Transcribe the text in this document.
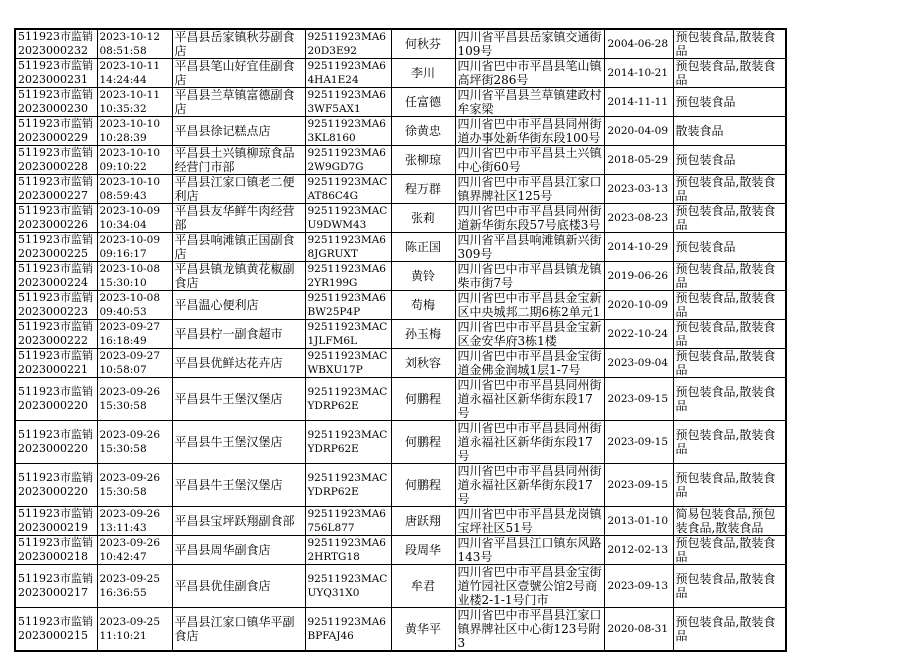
511923市监销2023000232	2023-10-12 08:51:58	平昌县岳家镇秋芬副食店	92511923MA620D3E92	何秋芬	四川省平昌县岳家镇交通街109号	2004-06-28	预包装食品,散装食品
511923市监销2023000231	2023-10-11 14:24:44	平昌县笔山好宜佳副食店	92511923MA64HA1E24	李川	四川省巴中市平昌县笔山镇高坪街286号	2014-10-21	预包装食品,散装食品
511923市监销2023000230	2023-10-11 10:35:32	平昌县兰草镇富德副食店	92511923MA63WF5AX1	任富德	四川省平昌县兰草镇建政村牟家梁	2014-11-11	预包装食品
511923市监销2023000229	2023-10-10 10:28:39	平昌县徐记糕点店	92511923MA63KL8160	徐黄忠	四川省巴中市平昌县同州街道办事处新华街东段100号	2020-04-09	散装食品
511923市监销2023000228	2023-10-10 09:10:22	平昌县土兴镇柳琼食品经营门市部	92511923MA62W9GD7G	张柳琼	四川省巴中市平昌县土兴镇中心街60号	2018-05-29	预包装食品
511923市监销2023000227	2023-10-10 08:59:43	平昌县江家口镇老二便利店	92511923MACAT86C4G	程万群	四川省巴中市平昌县江家口镇界牌社区125号	2023-03-13	预包装食品,散装食品
511923市监销2023000226	2023-10-09 10:34:04	平昌县友华鲜牛肉经营部	92511923MACU9DWM43	张莉	四川省巴中市平昌县同州街道新华街东段57号底楼3号	2023-08-23	预包装食品,散装食品
511923市监销2023000225	2023-10-09 09:16:17	平昌县响滩镇正国副食店	92511923MA68JGRUXT	陈正国	四川省平昌县响滩镇新兴街309号	2014-10-29	预包装食品
511923市监销2023000224	2023-10-08 15:30:10	平昌县镇龙镇黄花椒副食店	92511923MA62YR199G	黄铃	四川省巴中市平昌县镇龙镇柴市街7号	2019-06-26	预包装食品,散装食品
511923市监销2023000223	2023-10-08 09:40:53	平昌温心便利店	92511923MA6BW25P4P	苟梅	四川省巴中市平昌县金宝新区中央城邦二期6栋2单元1	2020-10-09	预包装食品,散装食品
511923市监销2023000222	2023-09-27 16:18:49	平昌县柠一副食超市	92511923MAC1JLFM6L	孙玉梅	四川省巴中市平昌县金宝新区金安华府3栋1楼	2022-10-24	预包装食品,散装食品
511923市监销2023000221	2023-09-27 10:58:07	平昌县优鲜达花卉店	92511923MACWBXU17P	刘秋容	四川省巴中市平昌县金宝街道金佛金润城1层1-7号	2023-09-04	预包装食品,散装食品
511923市监销2023000220	2023-09-26 15:30:58	平昌县牛王堡汉堡店	92511923MACYDRP62E	何鹏程	四川省巴中市平昌县同州街道永福社区新华街东段17号	2023-09-15	预包装食品,散装食品
511923市监销2023000220	2023-09-26 15:30:58	平昌县牛王堡汉堡店	92511923MACYDRP62E	何鹏程	四川省巴中市平昌县同州街道永福社区新华街东段17号	2023-09-15	预包装食品,散装食品
511923市监销2023000220	2023-09-26 15:30:58	平昌县牛王堡汉堡店	92511923MACYDRP62E	何鹏程	四川省巴中市平昌县同州街道永福社区新华街东段17号	2023-09-15	预包装食品,散装食品
511923市监销2023000219	2023-09-26 13:11:43	平昌县宝坪跃翔副食部	92511923MA6756L877	唐跃翔	四川省巴中市平昌县龙岗镇宝坪社区51号	2013-01-10	简易包装食品,预包装食品,散装食品
511923市监销2023000218	2023-09-26 10:42:47	平昌县周华副食店	92511923MA62HRTG18	段周华	四川省平昌县江口镇东风路143号	2012-02-13	预包装食品,散装食品
511923市监销2023000217	2023-09-25 16:36:55	平昌县优佳副食店	92511923MACUYQ31X0	牟君	四川省巴中市平昌县金宝街道竹园社区壹號公馆2号商业楼2-1-1号门市	2023-09-13	预包装食品,散装食品
511923市监销2023000215	2023-09-25 11:10:21	平昌县江家口镇华平副食店	92511923MA6BPFAJ46	黄华平	四川省巴中市平昌县江家口镇界牌社区中心街123号附3	2020-08-31	预包装食品,散装食品
